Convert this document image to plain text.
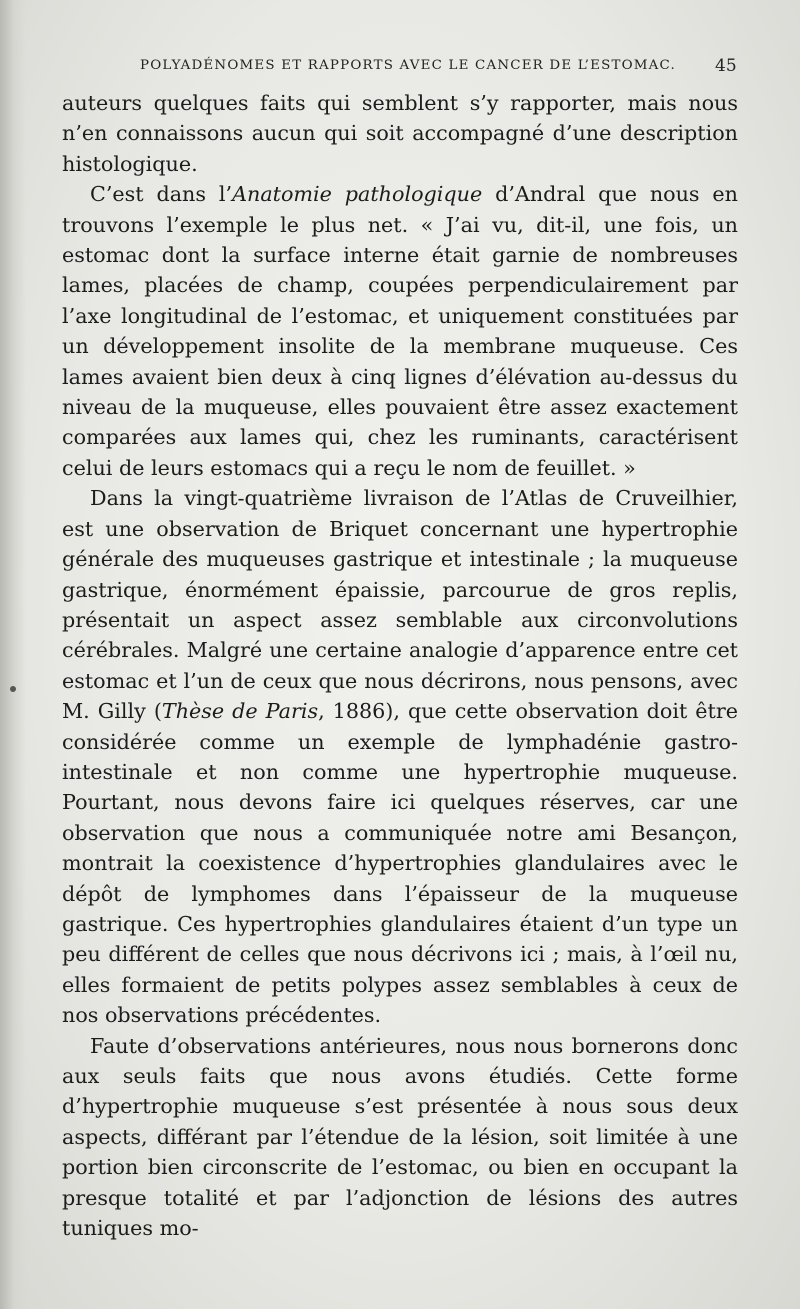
POLYADÉNOMES ET RAPPORTS AVEC LE CANCER DE L’ESTOMAC. 45

auteurs quelques faits qui semblent s’y rapporter, mais nous n’en connaissons aucun qui soit accompagné d’une description histologique.

C’est dans l’Anatomie pathologique d’Andral que nous en trouvons l’exemple le plus net. « J’ai vu, dit-il, une fois, un estomac dont la surface interne était garnie de nombreuses lames, placées de champ, coupées perpendiculairement par l’axe longitudinal de l’estomac, et uniquement constituées par un développement insolite de la membrane muqueuse. Ces lames avaient bien deux à cinq lignes d’élévation au-dessus du niveau de la muqueuse, elles pouvaient être assez exactement comparées aux lames qui, chez les ruminants, caractérisent celui de leurs estomacs qui a reçu le nom de feuillet. »

Dans la vingt-quatrième livraison de l’Atlas de Cruveilhier, est une observation de Briquet concernant une hypertrophie générale des muqueuses gastrique et intestinale ; la muqueuse gastrique, énormément épaissie, parcourue de gros replis, présentait un aspect assez semblable aux circonvolutions cérébrales. Malgré une certaine analogie d’apparence entre cet estomac et l’un de ceux que nous décrirons, nous pensons, avec M. Gilly (Thèse de Paris, 1886), que cette observation doit être considérée comme un exemple de lymphadénie gastro-intestinale et non comme une hypertrophie muqueuse. Pourtant, nous devons faire ici quelques réserves, car une observation que nous a communiquée notre ami Besançon, montrait la coexistence d’hypertrophies glandulaires avec le dépôt de lymphomes dans l’épaisseur de la muqueuse gastrique. Ces hypertrophies glandulaires étaient d’un type un peu différent de celles que nous décrivons ici ; mais, à l’œil nu, elles formaient de petits polypes assez semblables à ceux de nos observations précédentes.

Faute d’observations antérieures, nous nous bornerons donc aux seuls faits que nous avons étudiés. Cette forme d’hypertrophie muqueuse s’est présentée à nous sous deux aspects, différant par l’étendue de la lésion, soit limitée à une portion bien circonscrite de l’estomac, ou bien en occupant la presque totalité et par l’adjonction de lésions des autres tuniques mo-
